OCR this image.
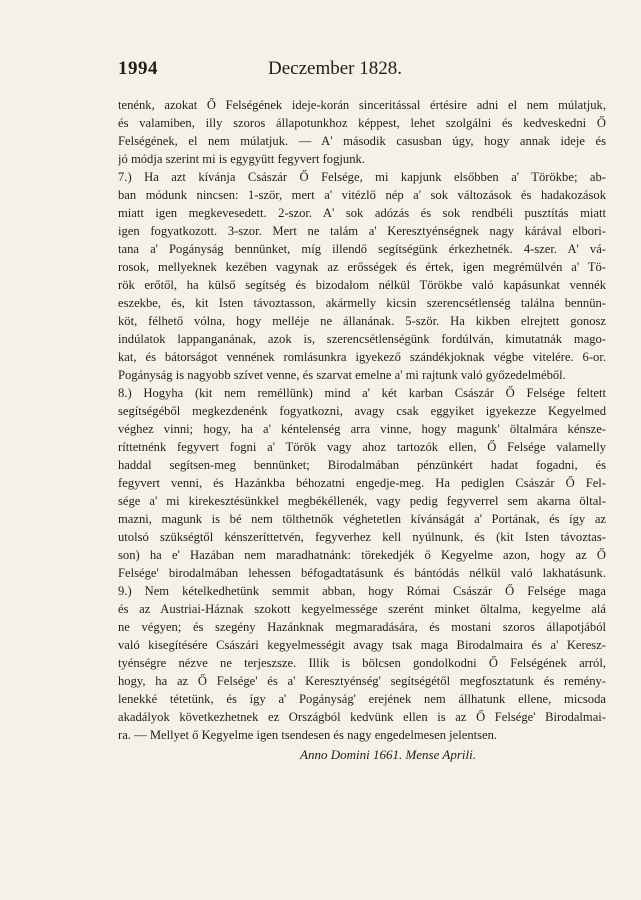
1994	Deczember 1828.
tenénk, azokat Ő Felségének ideje-korán sinceritással értésire adni el nem múlatjuk,
és valamiben, illy szoros állapotunkhoz képpest, lehet szolgálni és kedveskedni Ő
Felségének, el nem múlatjuk. — A' második casusban úgy, hogy annak ideje és
jó módja szerint mi is egygyütt fegyvert fogjunk.
7.) Ha azt kívánja Császár Ő Felsége, mi kapjunk elsőbben a' Törökbe; ab-
ban módunk nincsen: 1-ször, mert a' vitézlő nép a' sok változások és hadakozások
miatt igen megkevesedett. 2-szor. A' sok adózás és sok rendbéli pusztítás miatt
igen fogyatkozott. 3-szor. Mert ne talám a' Keresztyénségnek nagy kárával elbori-
tana a' Pogányság bennünket, míg illendő segítségünk érkezhetnék. 4-szer. A' vá-
rosok, mellyeknek kezében vagynak az erősségek és értek, igen megrémülvén a' Tö-
rök erőtől, ha külső segítség és bizodalom nélkül Törökbe való kapásunkat vennék
eszekbe, és, kit Isten távoztasson, akármelly kicsin szerencsétlenség találna bennün-
köt, félhető vólna, hogy melléje ne állanának. 5-ször. Ha kikben elrejtett gonosz
indúlatok lappanganának, azok is, szerencsétlenségünk fordúlván, kimutatnák mago-
kat, és bátorságot vennének romlásunkra igyekező szándékjoknak végbe vitelére. 6-or.
Pogányság is nagyobb szívet venne, és szarvat emelne a' mi rajtunk való győzedelméből.
8.) Hogyha (kit nem reméllünk) mind a' két karban Császár Ő Felsége feltett
segítségéből megkezdenénk fogyatkozni, avagy csak eggyiket igyekezze Kegyelmed
véghez vinni; hogy, ha a' kéntelenség arra vinne, hogy magunk' öltalmára kénsze-
ríttetnénk fegyvert fogni a' Török vagy ahoz tartozók ellen, Ő Felsége valamelly
haddal segítsen-meg bennünket; Birodalmában pénzünkért hadat fogadni, és
fegyvert venni, és Hazánkba béhozatni engedje-meg. Ha pediglen Császár Ő Fel-
sége a' mi kirekesztésünkkel megbékéllenék, vagy pedig fegyverrel sem akarna öltal-
mazni, magunk is bé nem tölthetnők véghetetlen kívánságát a' Portának, és így az
utolsó szükségtől kénszeríttetvén, fegyverhez kell nyúlnunk, és (kit Isten távoztas-
son) ha e' Hazában nem maradhatnánk: törekedjék ő Kegyelme azon, hogy az Ő
Felsége' birodalmában lehessen béfogadtatásunk és bántódás nélkül való lakhatásunk.
9.) Nem kételkedhetünk semmit abban, hogy Római Császár Ő Felsége maga
és az Austriai-Háznak szokott kegyelmessége szerént minket öltalma, kegyelme alá
ne végyen; és szegény Hazánknak megmaradására, és mostani szoros állapotjából
való kisegítésére Császári kegyelmességit avagy tsak maga Birodalmaira és a' Keresz-
tyénségre nézve ne terjeszsze. Illik is bölcsen gondolkodni Ő Felségének arról,
hogy, ha az Ő Felsége' és a' Keresztyénség' segítségétől megfosztatunk és remény-
lenekké tétetünk, és így a' Pogányság' erejének nem állhatunk ellene, micsoda
akadályok következhetnek ez Országból kedvünk ellen is az Ő Felsége' Birodalmai-
ra. — Mellyet ő Kegyelme igen tsendesen és nagy engedelmesen jelentsen.
Anno Domini 1661. Mense Aprili.
